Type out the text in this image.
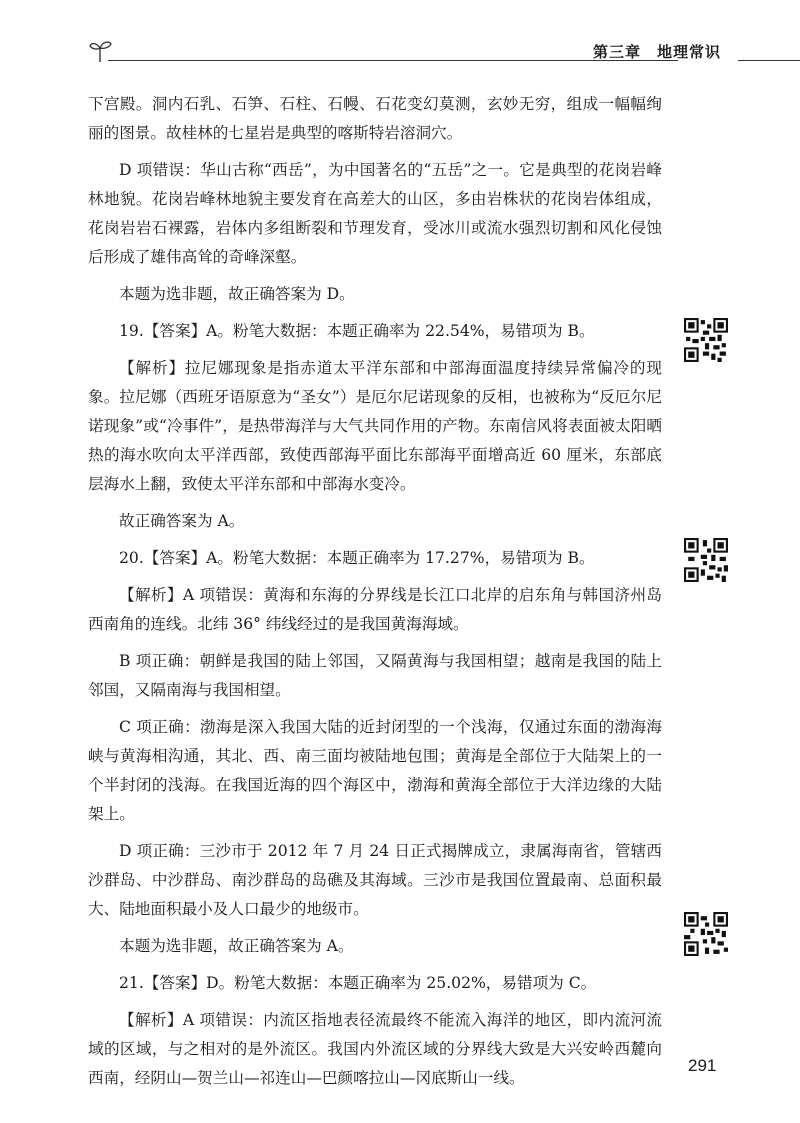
第三章　地理常识

下宫殿。洞内石乳、石笋、石柱、石幔、石花变幻莫测，玄妙无穷，组成一幅幅绚丽的图景。故桂林的七星岩是典型的喀斯特岩溶洞穴。

D 项错误：华山古称“西岳”，为中国著名的“五岳”之一。它是典型的花岗岩峰林地貌。花岗岩峰林地貌主要发育在高差大的山区，多由岩株状的花岗岩体组成，花岗岩岩石裸露，岩体内多组断裂和节理发育，受冰川或流水强烈切割和风化侵蚀后形成了雄伟高耸的奇峰深壑。

本题为选非题，故正确答案为 D。

19.【答案】A。粉笔大数据：本题正确率为 22.54%，易错项为 B。

【解析】拉尼娜现象是指赤道太平洋东部和中部海面温度持续异常偏冷的现象。拉尼娜（西班牙语原意为“圣女”）是厄尔尼诺现象的反相，也被称为“反厄尔尼诺现象”或“冷事件”，是热带海洋与大气共同作用的产物。东南信风将表面被太阳晒热的海水吹向太平洋西部，致使西部海平面比东部海平面增高近 60 厘米，东部底层海水上翻，致使太平洋东部和中部海水变冷。

故正确答案为 A。

20.【答案】A。粉笔大数据：本题正确率为 17.27%，易错项为 B。

【解析】A 项错误：黄海和东海的分界线是长江口北岸的启东角与韩国济州岛西南角的连线。北纬 36° 纬线经过的是我国黄海海域。

B 项正确：朝鲜是我国的陆上邻国，又隔黄海与我国相望；越南是我国的陆上邻国，又隔南海与我国相望。

C 项正确：渤海是深入我国大陆的近封闭型的一个浅海，仅通过东面的渤海海峡与黄海相沟通，其北、西、南三面均被陆地包围；黄海是全部位于大陆架上的一个半封闭的浅海。在我国近海的四个海区中，渤海和黄海全部位于大洋边缘的大陆架上。

D 项正确：三沙市于 2012 年 7 月 24 日正式揭牌成立，隶属海南省，管辖西沙群岛、中沙群岛、南沙群岛的岛礁及其海域。三沙市是我国位置最南、总面积最大、陆地面积最小及人口最少的地级市。

本题为选非题，故正确答案为 A。

21.【答案】D。粉笔大数据：本题正确率为 25.02%，易错项为 C。

【解析】A 项错误：内流区指地表径流最终不能流入海洋的地区，即内流河流域的区域，与之相对的是外流区。我国内外流区域的分界线大致是大兴安岭西麓向西南，经阴山—贺兰山—祁连山—巴颜喀拉山—冈底斯山一线。

291
